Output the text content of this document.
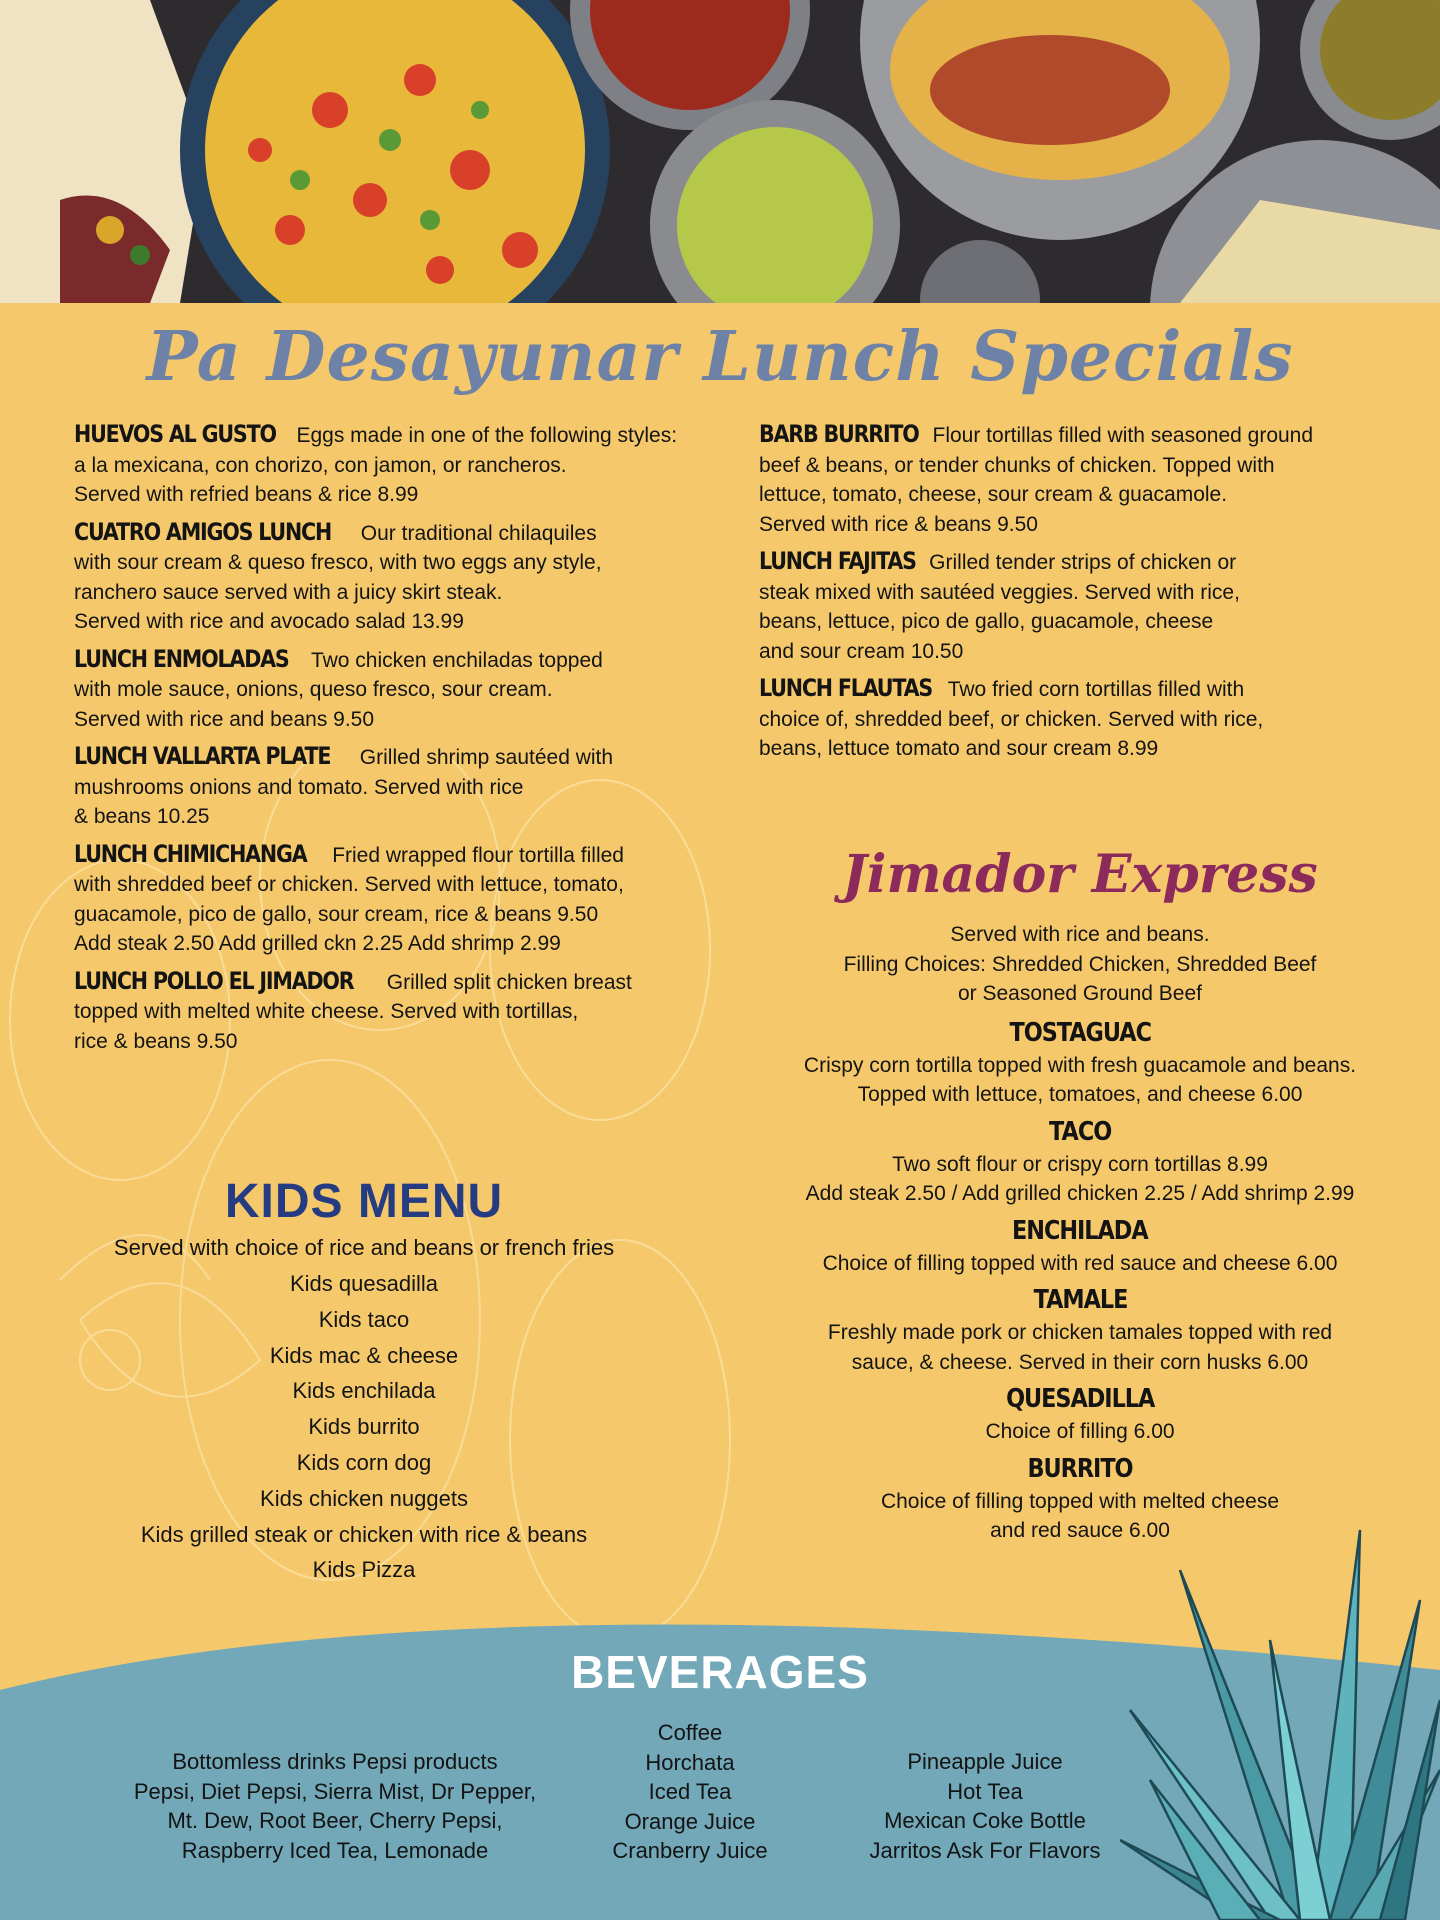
Pa Desayunar Lunch Specials
HUEVOS AL GUSTO Eggs made in one of the following styles:
a la mexicana, con chorizo, con jamon, or rancheros.
Served with refried beans & rice 8.99
CUATRO AMIGOS LUNCH Our traditional chilaquiles
with sour cream & queso fresco, with two eggs any style,
ranchero sauce served with a juicy skirt steak.
Served with rice and avocado salad 13.99
LUNCH ENMOLADAS Two chicken enchiladas topped
with mole sauce, onions, queso fresco, sour cream.
Served with rice and beans 9.50
LUNCH VALLARTA PLATE Grilled shrimp sautéed with
mushrooms onions and tomato. Served with rice
& beans 10.25
LUNCH CHIMICHANGA Fried wrapped flour tortilla filled
with shredded beef or chicken. Served with lettuce, tomato,
guacamole, pico de gallo, sour cream, rice & beans 9.50
Add steak 2.50 Add grilled ckn 2.25 Add shrimp 2.99
LUNCH POLLO EL JIMADOR Grilled split chicken breast
topped with melted white cheese. Served with tortillas,
rice & beans 9.50
BARB BURRITO Flour tortillas filled with seasoned ground
beef & beans, or tender chunks of chicken. Topped with
lettuce, tomato, cheese, sour cream & guacamole.
Served with rice & beans 9.50
LUNCH FAJITAS Grilled tender strips of chicken or
steak mixed with sautéed veggies. Served with rice,
beans, lettuce, pico de gallo, guacamole, cheese
and sour cream 10.50
LUNCH FLAUTAS Two fried corn tortillas filled with
choice of, shredded beef, or chicken. Served with rice,
beans, lettuce tomato and sour cream 8.99
Jimador Express
Served with rice and beans.
Filling Choices: Shredded Chicken, Shredded Beef
or Seasoned Ground Beef
TOSTAGUAC
Crispy corn tortilla topped with fresh guacamole and beans.
Topped with lettuce, tomatoes, and cheese 6.00
TACO
Two soft flour or crispy corn tortillas 8.99
Add steak 2.50 / Add grilled chicken 2.25 / Add shrimp 2.99
ENCHILADA
Choice of filling topped with red sauce and cheese 6.00
TAMALE
Freshly made pork or chicken tamales topped with red
sauce, & cheese. Served in their corn husks 6.00
QUESADILLA
Choice of filling 6.00
BURRITO
Choice of filling topped with melted cheese
and red sauce 6.00
KIDS MENU
Served with choice of rice and beans or french fries
Kids quesadilla
Kids taco
Kids mac & cheese
Kids enchilada
Kids burrito
Kids corn dog
Kids chicken nuggets
Kids grilled steak or chicken with rice & beans
Kids Pizza
BEVERAGES
Bottomless drinks Pepsi products
Pepsi, Diet Pepsi, Sierra Mist, Dr Pepper,
Mt. Dew, Root Beer, Cherry Pepsi,
Raspberry Iced Tea, Lemonade
Coffee
Horchata
Iced Tea
Orange Juice
Cranberry Juice
Pineapple Juice
Hot Tea
Mexican Coke Bottle
Jarritos Ask For Flavors
